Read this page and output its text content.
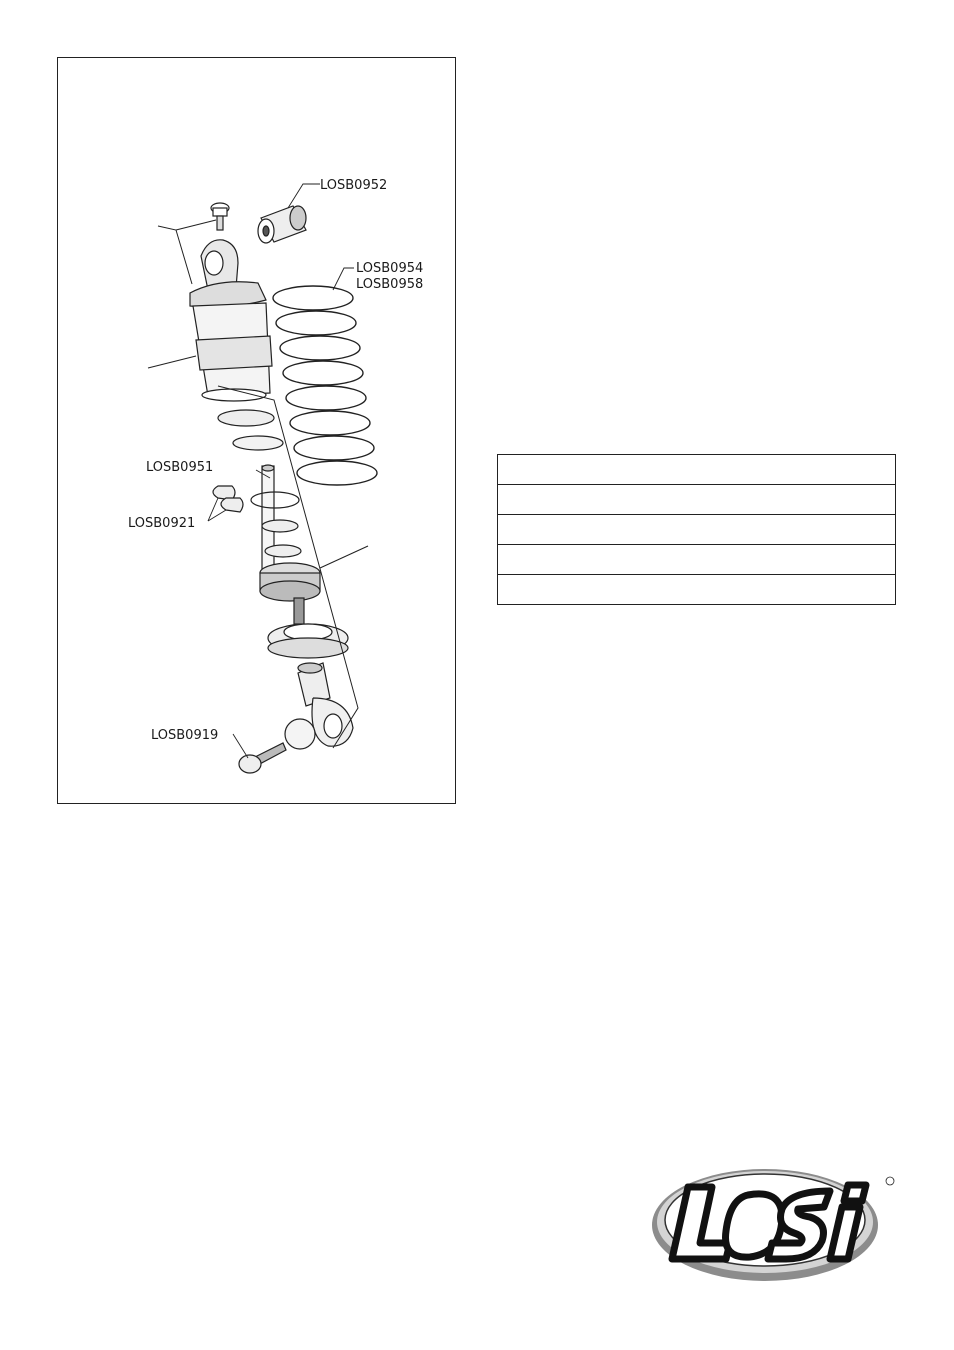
LOSB0952
LOSB0954
LOSB0958
LOSB0951
LOSB0921
LOSB0919
